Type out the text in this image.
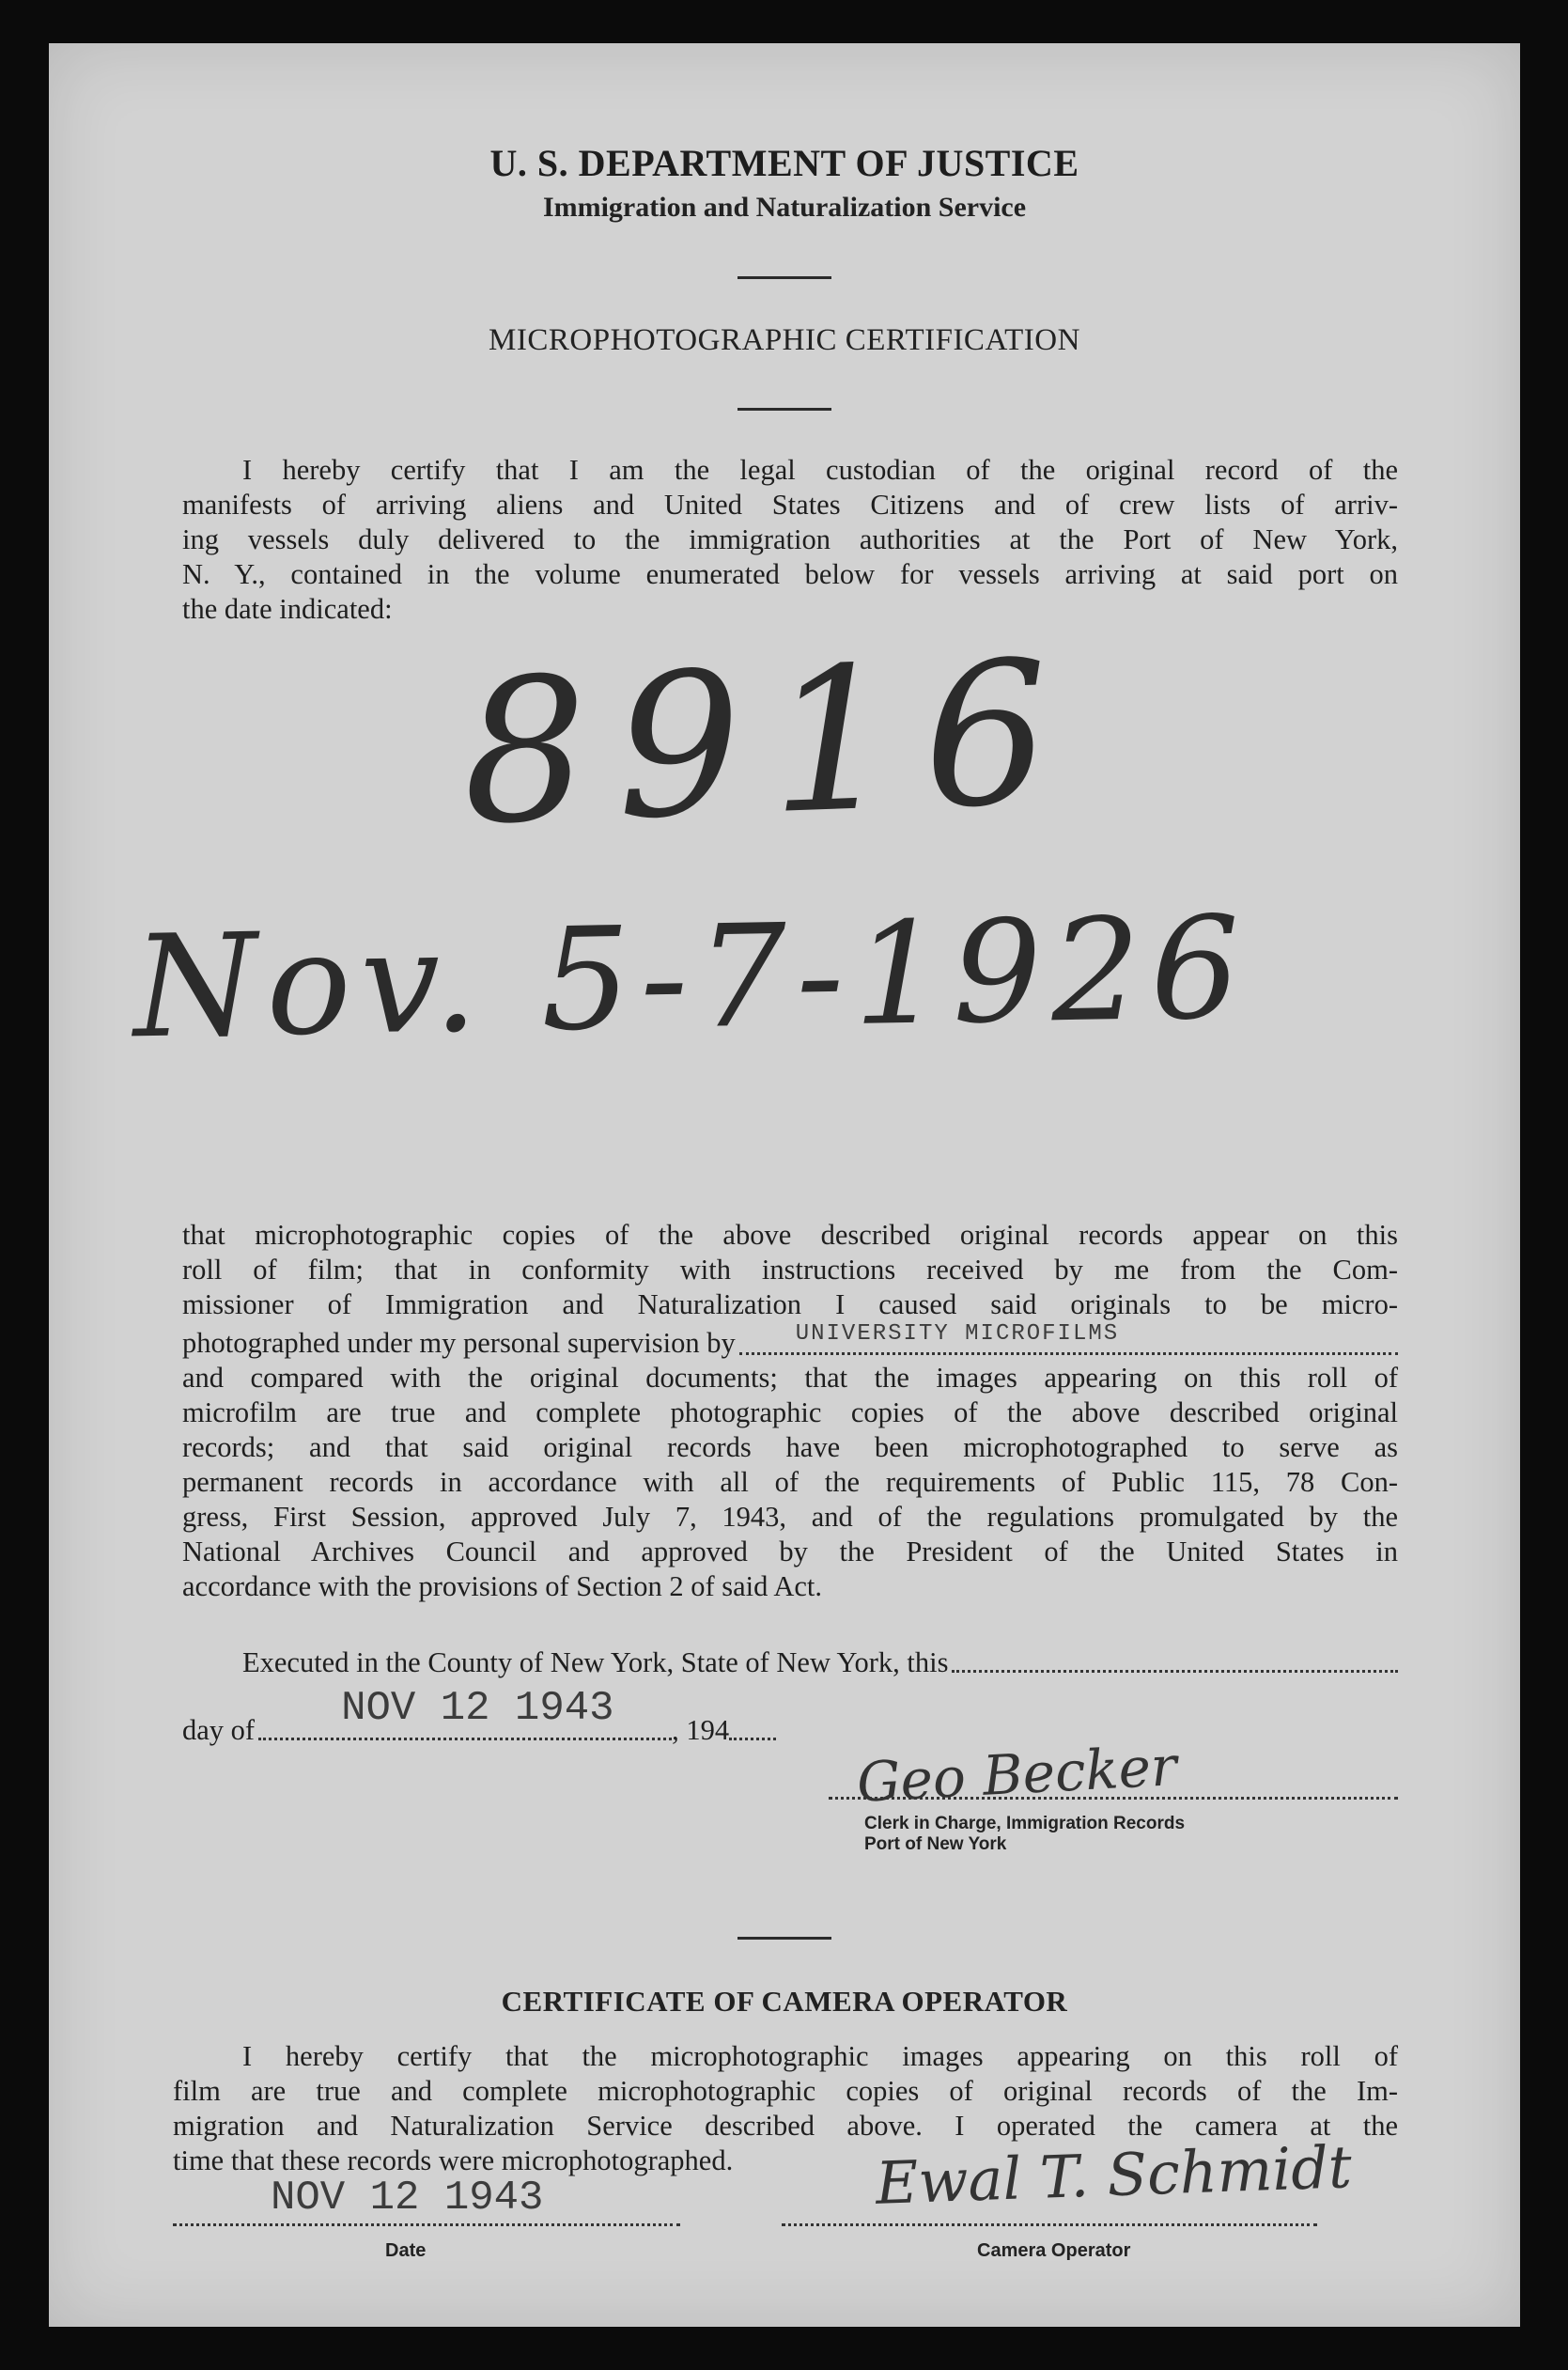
U. S. DEPARTMENT OF JUSTICE
Immigration and Naturalization Service
MICROPHOTOGRAPHIC CERTIFICATION
I hereby certify that I am the legal custodian of the original record of the
manifests of arriving aliens and United States Citizens and of crew lists of arriv-
ing vessels duly delivered to the immigration authorities at the Port of New York,
N. Y., contained in the volume enumerated below for vessels arriving at said port on
the date indicated:
8916
Nov. 5-7-1926
that microphotographic copies of the above described original records appear on this
roll of film; that in conformity with instructions received by me from the Com-
missioner of Immigration and Naturalization I caused said originals to be micro-
photographed under my personal supervision by	UNIVERSITY MICROFILMS
and compared with the original documents; that the images appearing on this roll of
microfilm are true and complete photographic copies of the above described original
records; and that said original records have been microphotographed to serve as
permanent records in accordance with all of the requirements of Public 115, 78 Con-
gress, First Session, approved July 7, 1943, and of the regulations promulgated by the
National Archives Council and approved by the President of the United States in
accordance with the provisions of Section 2 of said Act.
Executed in the County of New York, State of New York, this
day of NOV 12 1943 , 194
Geo Becker
Clerk in Charge, Immigration Records
Port of New York
CERTIFICATE OF CAMERA OPERATOR
I hereby certify that the microphotographic images appearing on this roll of
film are true and complete microphotographic copies of original records of the Im-
migration and Naturalization Service described above. I operated the camera at the
time that these records were microphotographed.
NOV 12 1943
Date
Ewal T. Schmidt
Camera Operator
